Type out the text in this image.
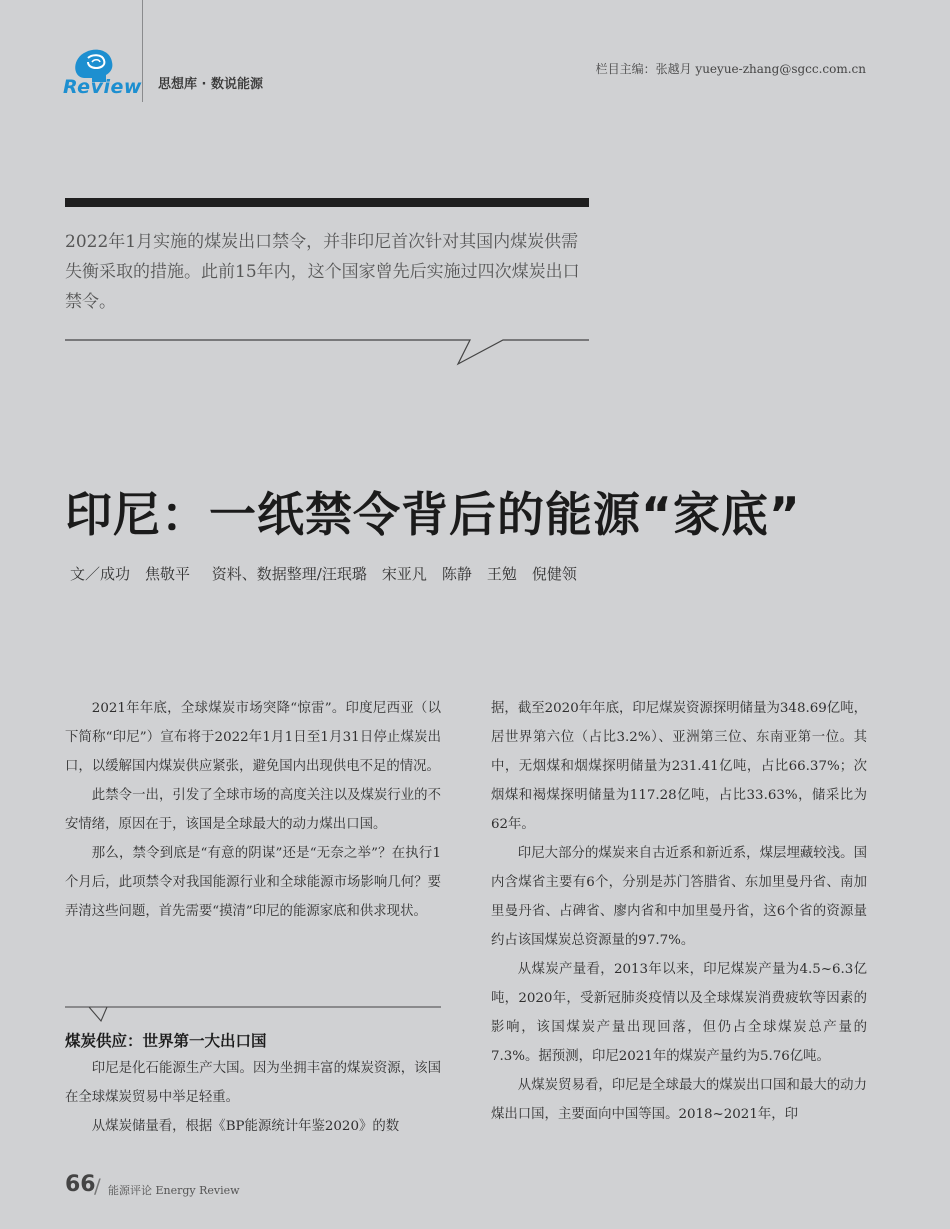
Review 思想库 · 数说能源
栏目主编：张越月 yueyue-zhang@sgcc.com.cn
2022年1月实施的煤炭出口禁令，并非印尼首次针对其国内煤炭供需失衡采取的措施。此前15年内，这个国家曾先后实施过四次煤炭出口禁令。
印尼：一纸禁令背后的能源“家底”
文／成功　焦敬平　 资料、数据整理/汪珉璐　宋亚凡　陈静　王勉　倪健领

2021年年底，全球煤炭市场突降“惊雷”。印度尼西亚（以下简称“印尼”）宣布将于2022年1月1日至1月31日停止煤炭出口，以缓解国内煤炭供应紧张，避免国内出现供电不足的情况。

此禁令一出，引发了全球市场的高度关注以及煤炭行业的不安情绪，原因在于，该国是全球最大的动力煤出口国。

那么，禁令到底是“有意的阴谋”还是“无奈之举”？在执行1个月后，此项禁令对我国能源行业和全球能源市场影响几何？要弄清这些问题，首先需要“摸清”印尼的能源家底和供求现状。

煤炭供应：世界第一大出口国

印尼是化石能源生产大国。因为坐拥丰富的煤炭资源，该国在全球煤炭贸易中举足轻重。

从煤炭储量看，根据《BP能源统计年鉴2020》的数

据，截至2020年年底，印尼煤炭资源探明储量为348.69亿吨，居世界第六位（占比3.2%）、亚洲第三位、东南亚第一位。其中，无烟煤和烟煤探明储量为231.41亿吨，占比66.37%；次烟煤和褐煤探明储量为117.28亿吨，占比33.63%，储采比为62年。

印尼大部分的煤炭来自古近系和新近系，煤层埋藏较浅。国内含煤省主要有6个，分别是苏门答腊省、东加里曼丹省、南加里曼丹省、占碑省、廖内省和中加里曼丹省，这6个省的资源量约占该国煤炭总资源量的97.7%。

从煤炭产量看，2013年以来，印尼煤炭产量为4.5~6.3亿吨，2020年，受新冠肺炎疫情以及全球煤炭消费疲软等因素的影响，该国煤炭产量出现回落，但仍占全球煤炭总产量的7.3%。据预测，印尼2021年的煤炭产量约为5.76亿吨。

从煤炭贸易看，印尼是全球最大的煤炭出口国和最大的动力煤出口国，主要面向中国等国。2018~2021年，印

66
/ 能源评论 Energy Review
